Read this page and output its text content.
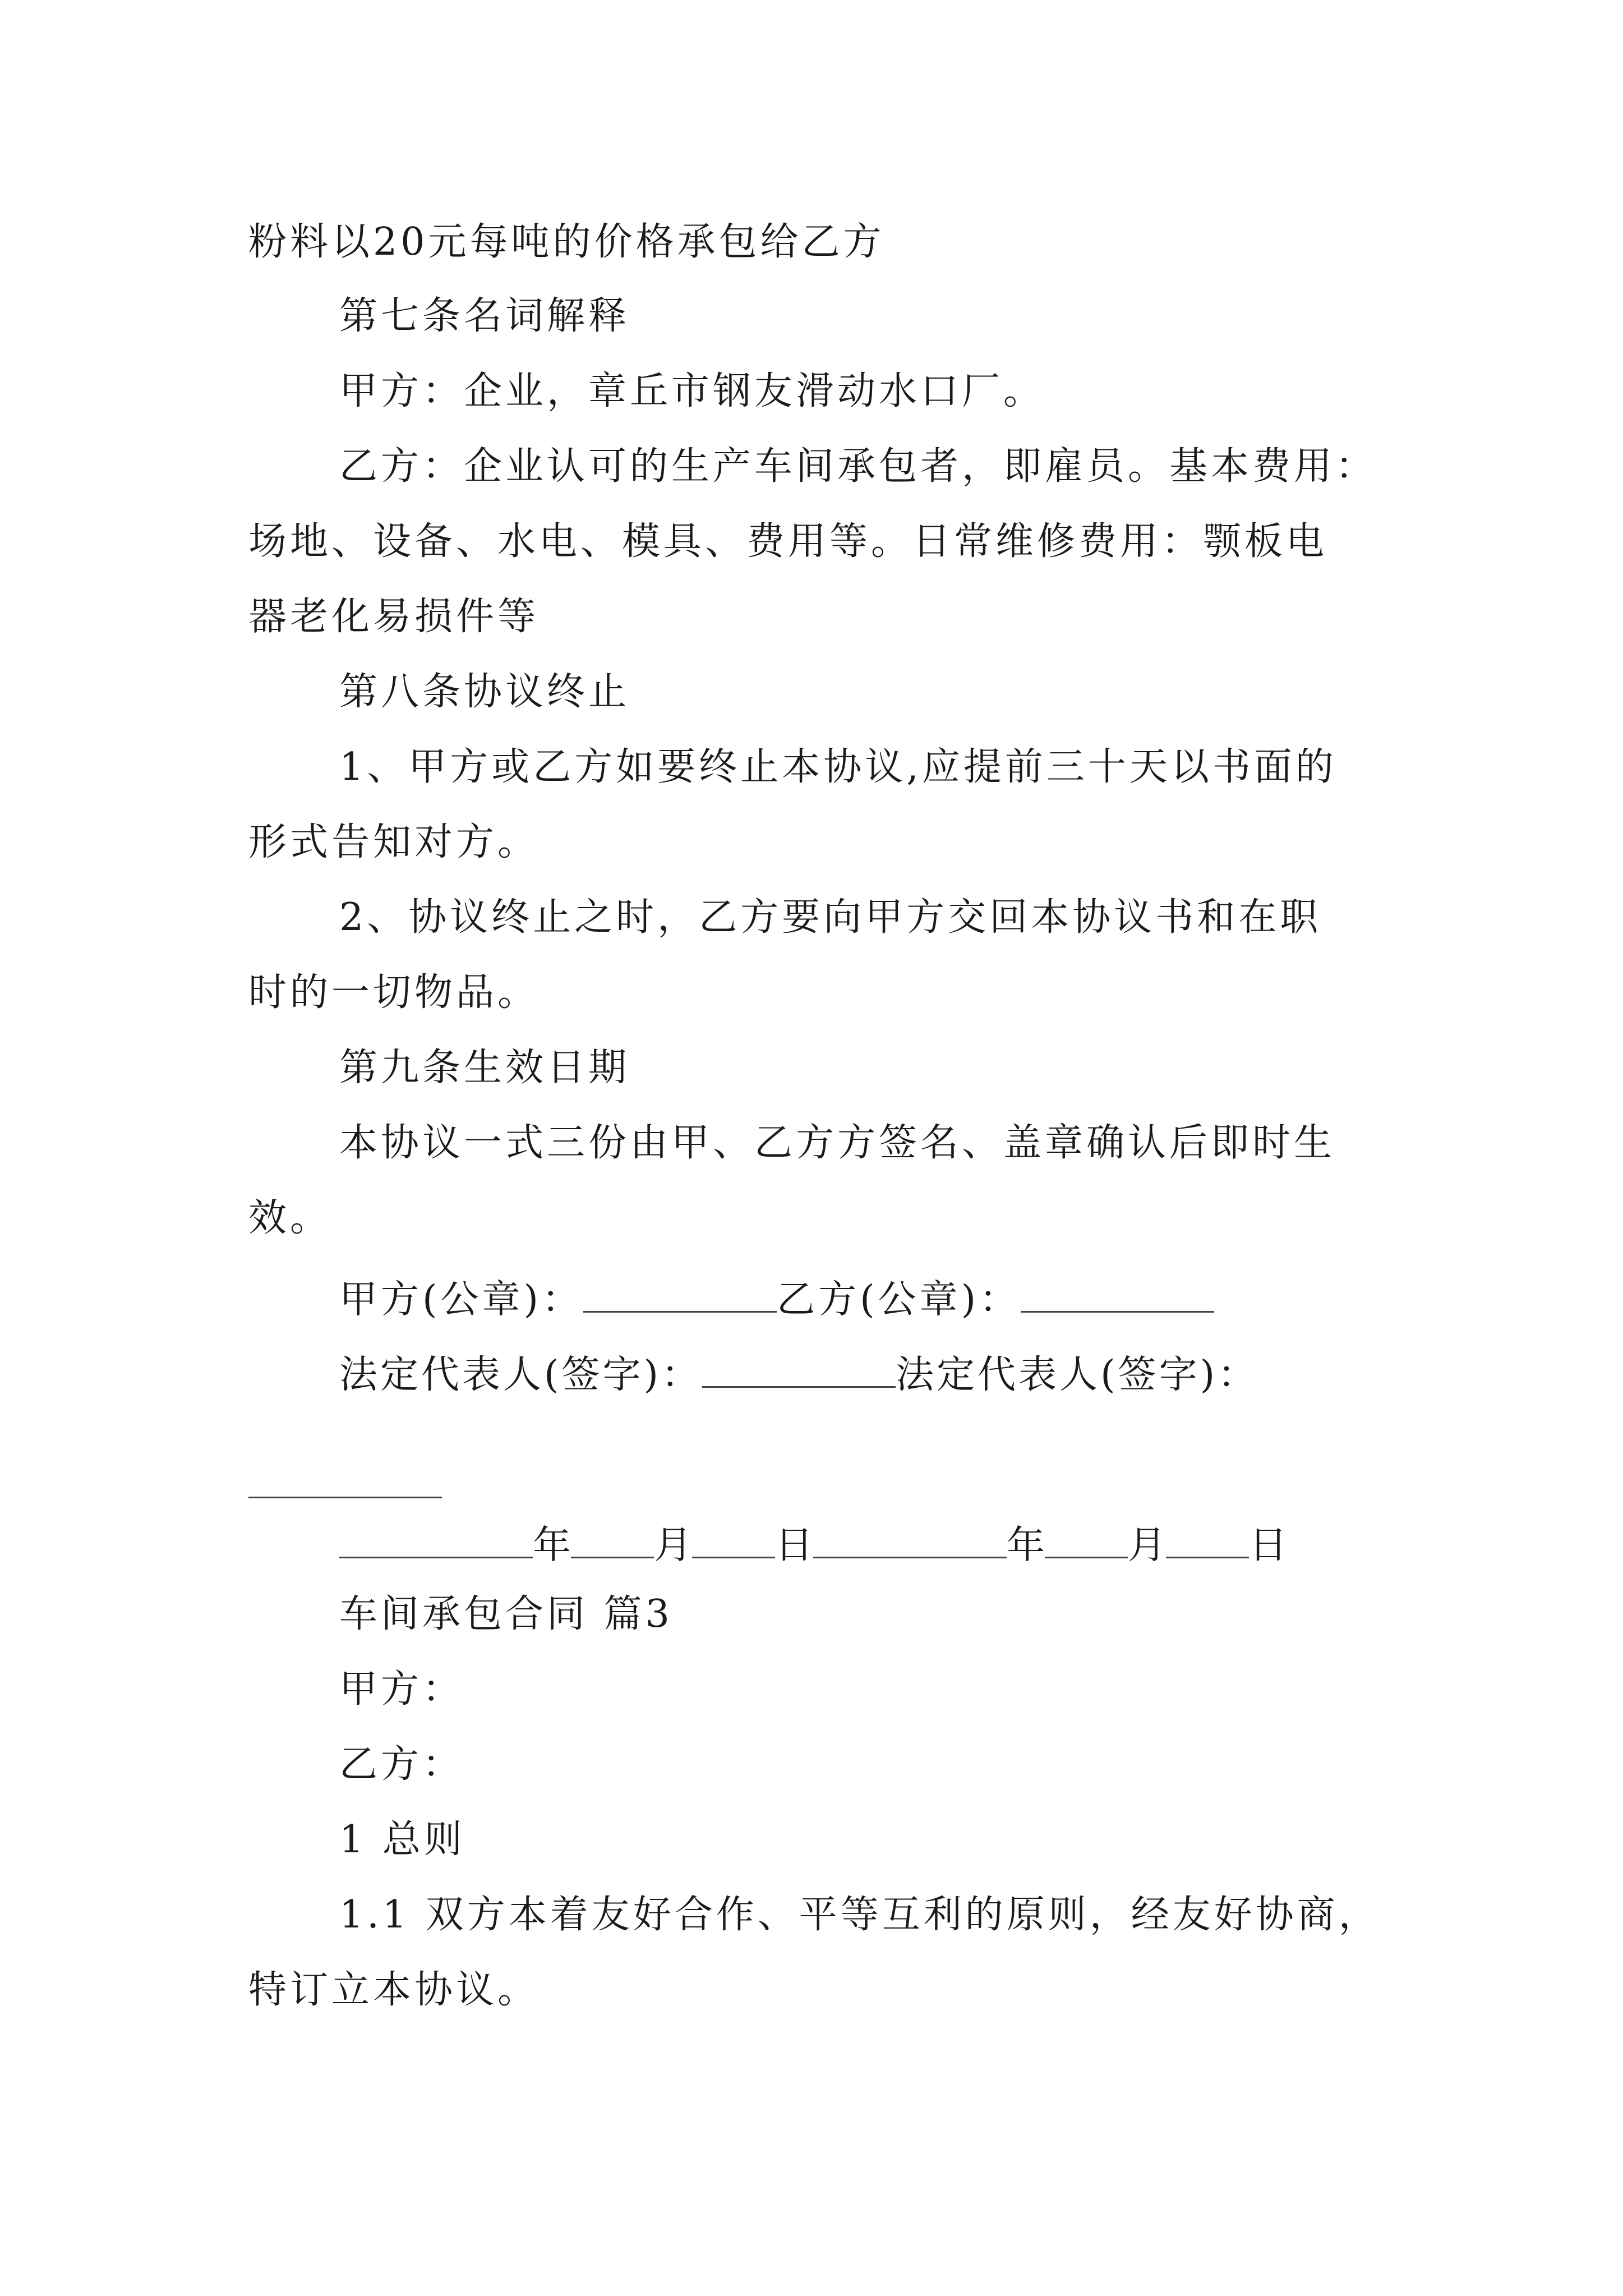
粉料以20元每吨的价格承包给乙方
第七条名词解释
甲方：企业，章丘市钢友滑动水口厂。
乙方：企业认可的生产车间承包者，即雇员。基本费用：
场地、设备、水电、模具、费用等。日常维修费用：颚板电
器老化易损件等
第八条协议终止
1、甲方或乙方如要终止本协议,应提前三十天以书面的
形式告知对方。
2、协议终止之时，乙方要向甲方交回本协议书和在职
时的一切物品。
第九条生效日期
本协议一式三份由甲、乙方方签名、盖章确认后即时生
效。
甲方(公章)：	乙方(公章)：
法定代表人(签字)：	法定代表人(签字)：
年 月 日	年 月 日
车间承包合同 篇3
甲方：
乙方：
1 总则
1.1 双方本着友好合作、平等互利的原则，经友好协商，
特订立本协议。
